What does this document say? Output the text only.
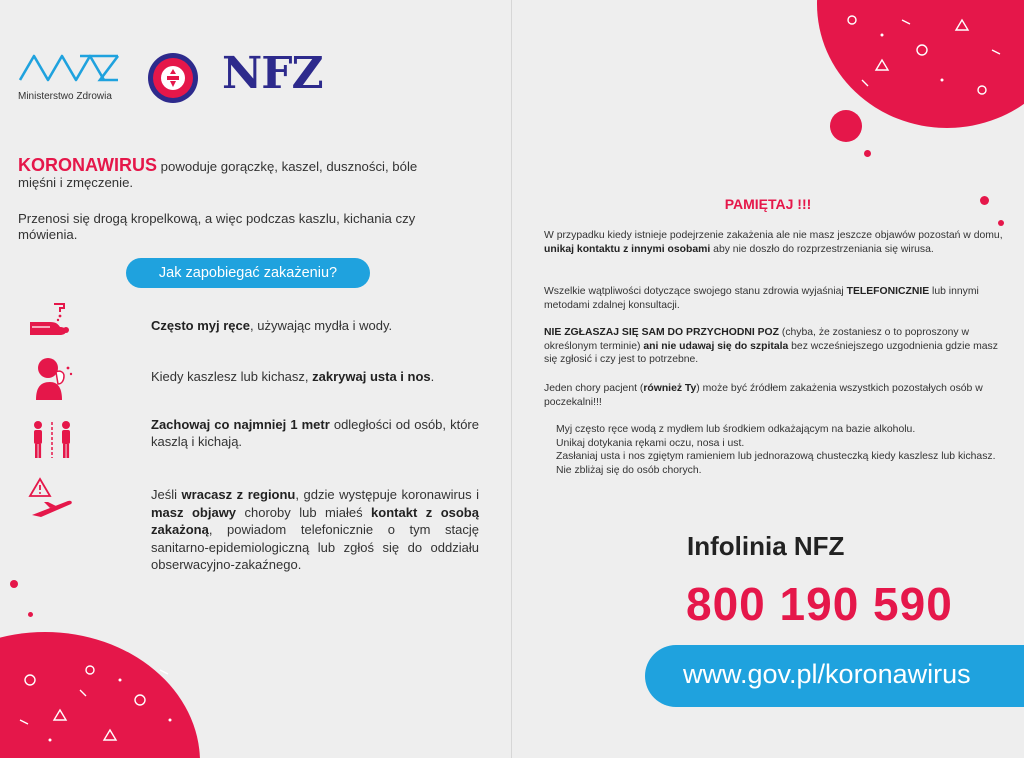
Ministerstwo Zdrowia	NFZ
KORONAWIRUS powoduje gorączkę, kaszel, duszności, bóle mięśni i zmęczenie.
Przenosi się drogą kropelkową, a więc podczas kaszlu, kichania czy mówienia.
Jak zapobiegać zakażeniu?
Często myj ręce, używając mydła i wody.
Kiedy kaszlesz lub kichasz, zakrywaj usta i nos.
Zachowaj co najmniej 1 metr odległości od osób, które kaszlą i kichają.
Jeśli wracasz z regionu, gdzie występuje koronawirus i masz objawy choroby lub miałeś kontakt z osobą zakażoną, powiadom telefonicznie o tym stację sanitarno-epidemiologiczną lub zgłoś się do oddziału obserwacyjno-zakaźnego.
PAMIĘTAJ !!!
W przypadku kiedy istnieje podejrzenie zakażenia ale nie masz jeszcze objawów pozostań w domu, unikaj kontaktu z innymi osobami aby nie doszło do rozprzestrzeniania się wirusa.
Wszelkie wątpliwości dotyczące swojego stanu zdrowia wyjaśniaj TELEFONICZNIE lub innymi metodami zdalnej konsultacji.
NIE ZGŁASZAJ SIĘ SAM DO PRZYCHODNI POZ (chyba, że zostaniesz o to poproszony w określonym terminie) ani nie udawaj się do szpitala bez wcześniejszego uzgodnienia gdzie masz się zgłosić i czy jest to potrzebne.
Jeden chory pacjent (również Ty) może być źródłem zakażenia wszystkich pozostałych osób w poczekalni!!!
Myj często ręce wodą z mydłem lub środkiem odkażającym na bazie alkoholu.
Unikaj dotykania rękami oczu, nosa i ust.
Zasłaniaj usta i nos zgiętym ramieniem lub jednorazową chusteczką kiedy kaszlesz lub kichasz.
Nie zbliżaj się do osób chorych.
Infolinia NFZ
800 190 590
www.gov.pl/koronawirus
